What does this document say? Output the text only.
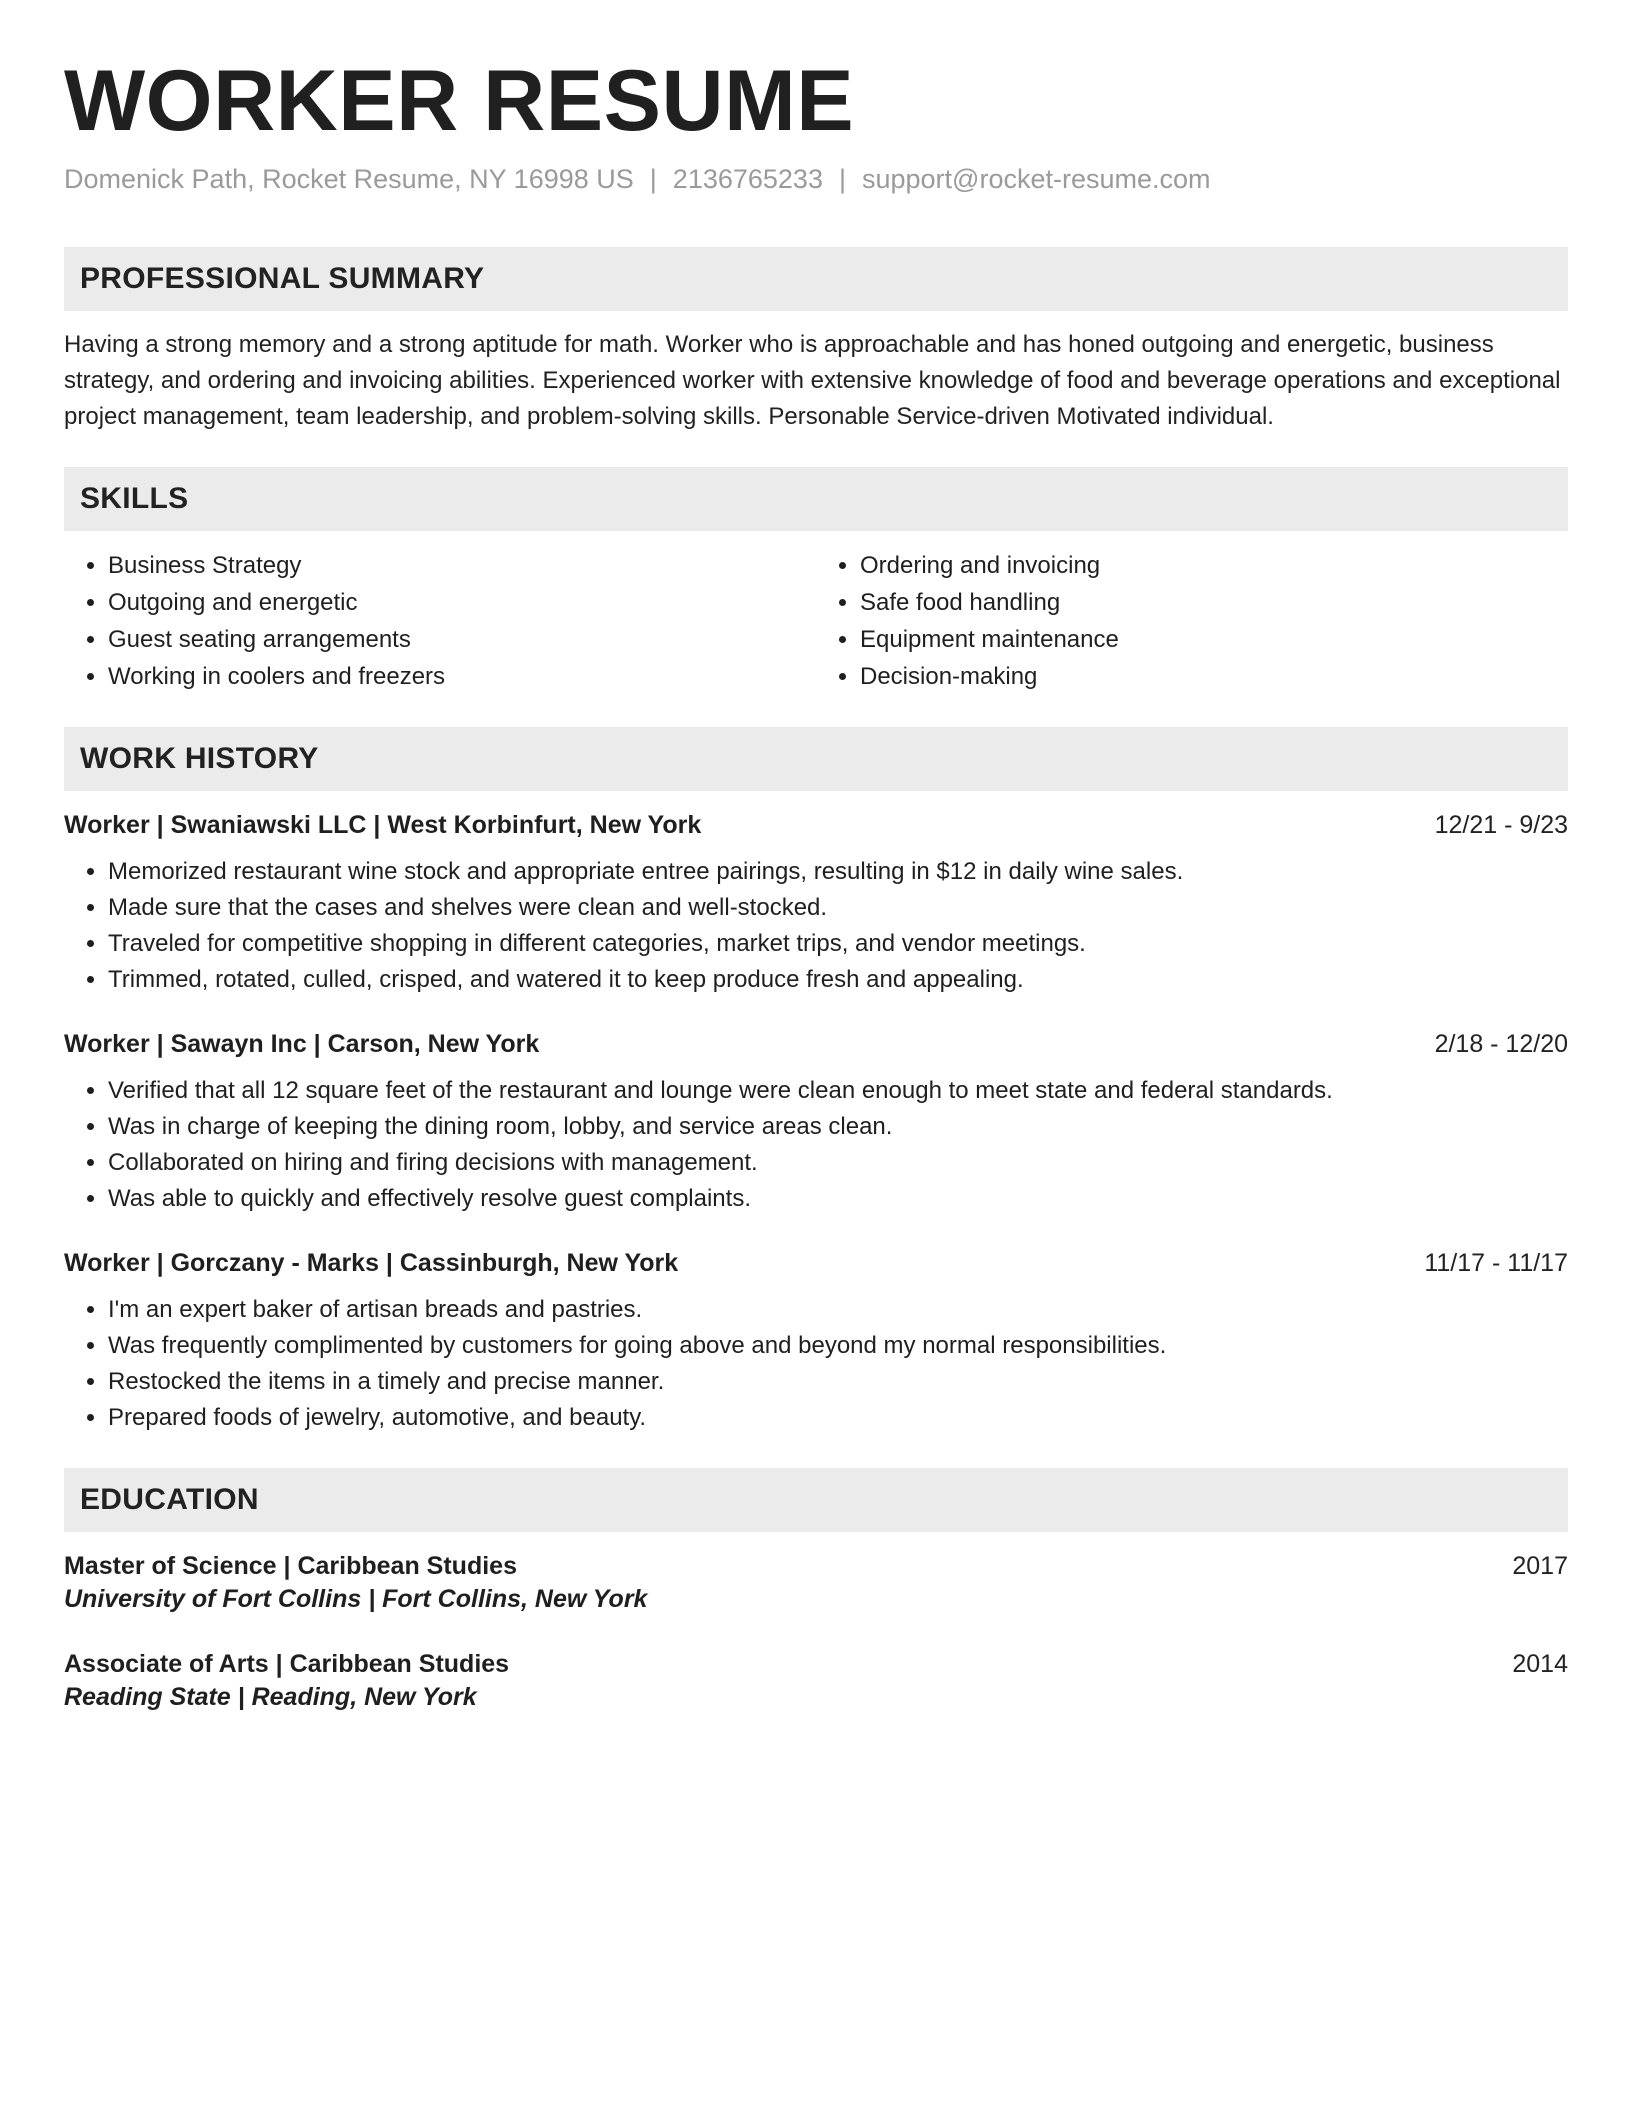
WORKER RESUME
Domenick Path, Rocket Resume, NY 16998 US | 2136765233 | support@rocket-resume.com
PROFESSIONAL SUMMARY
Having a strong memory and a strong aptitude for math. Worker who is approachable and has honed outgoing and energetic, business strategy, and ordering and invoicing abilities. Experienced worker with extensive knowledge of food and beverage operations and exceptional project management, team leadership, and problem-solving skills. Personable Service-driven Motivated individual.
SKILLS
• Business Strategy
• Outgoing and energetic
• Guest seating arrangements
• Working in coolers and freezers
• Ordering and invoicing
• Safe food handling
• Equipment maintenance
• Decision-making
WORK HISTORY
Worker | Swaniawski LLC | West Korbinfurt, New York	12/21 - 9/23
• Memorized restaurant wine stock and appropriate entree pairings, resulting in $12 in daily wine sales.
• Made sure that the cases and shelves were clean and well-stocked.
• Traveled for competitive shopping in different categories, market trips, and vendor meetings.
• Trimmed, rotated, culled, crisped, and watered it to keep produce fresh and appealing.
Worker | Sawayn Inc | Carson, New York	2/18 - 12/20
• Verified that all 12 square feet of the restaurant and lounge were clean enough to meet state and federal standards.
• Was in charge of keeping the dining room, lobby, and service areas clean.
• Collaborated on hiring and firing decisions with management.
• Was able to quickly and effectively resolve guest complaints.
Worker | Gorczany - Marks | Cassinburgh, New York	11/17 - 11/17
• I'm an expert baker of artisan breads and pastries.
• Was frequently complimented by customers for going above and beyond my normal responsibilities.
• Restocked the items in a timely and precise manner.
• Prepared foods of jewelry, automotive, and beauty.
EDUCATION
Master of Science | Caribbean Studies	2017
University of Fort Collins | Fort Collins, New York
Associate of Arts | Caribbean Studies	2014
Reading State | Reading, New York
